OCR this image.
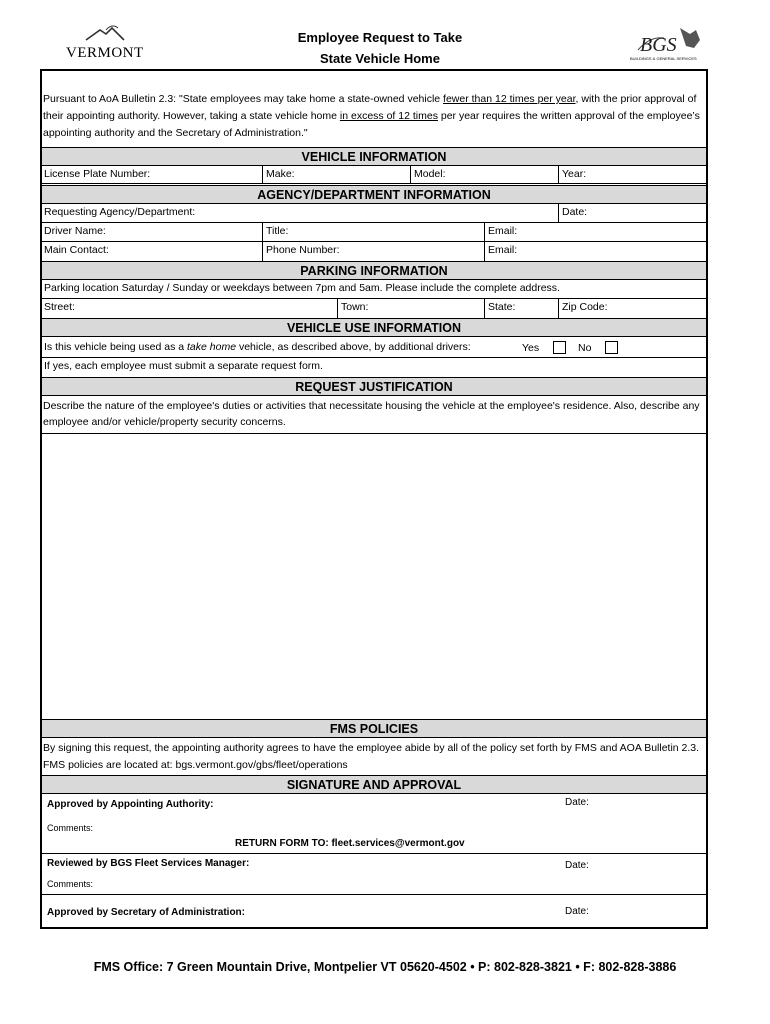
VERMONT
Employee Request to Take
State Vehicle Home
BGS
BUILDINGS & GENERAL SERVICES
Pursuant to AoA Bulletin 2.3: "State employees may take home a state-owned vehicle fewer than 12 times per year, with the prior approval of their appointing authority. However, taking a state vehicle home in excess of 12 times per year requires the written approval of the employee’s appointing authority and the Secretary of Administration."
VEHICLE INFORMATION
License Plate Number:	Make:	Model:	Year:
AGENCY/DEPARTMENT INFORMATION
Requesting Agency/Department:	Date:
Driver Name:	Title:	Email:
Main Contact:	Phone Number:	Email:
PARKING INFORMATION
Parking location Saturday / Sunday or weekdays between 7pm and 5am. Please include the complete address.
Street:	Town:	State:	Zip Code:
VEHICLE USE INFORMATION
Is this vehicle being used as a take home vehicle, as described above, by additional drivers:	Yes	No
If yes, each employee must submit a separate request form.
REQUEST JUSTIFICATION
Describe the nature of the employee's duties or activities that necessitate housing the vehicle at the employee's residence. Also, describe any employee and/or vehicle/property security concerns.
FMS POLICIES
By signing this request, the appointing authority agrees to have the employee abide by all of the policy set forth by FMS and AOA Bulletin 2.3. FMS policies are located at: bgs.vermont.gov/gbs/fleet/operations
SIGNATURE AND APPROVAL
Approved by Appointing Authority:	Date:
Comments:
RETURN FORM TO: fleet.services@vermont.gov
Reviewed by BGS Fleet Services Manager:	Date:
Comments:
Approved by Secretary of Administration:	Date:
FMS Office: 7 Green Mountain Drive, Montpelier VT 05620-4502 • P: 802-828-3821 • F: 802-828-3886
